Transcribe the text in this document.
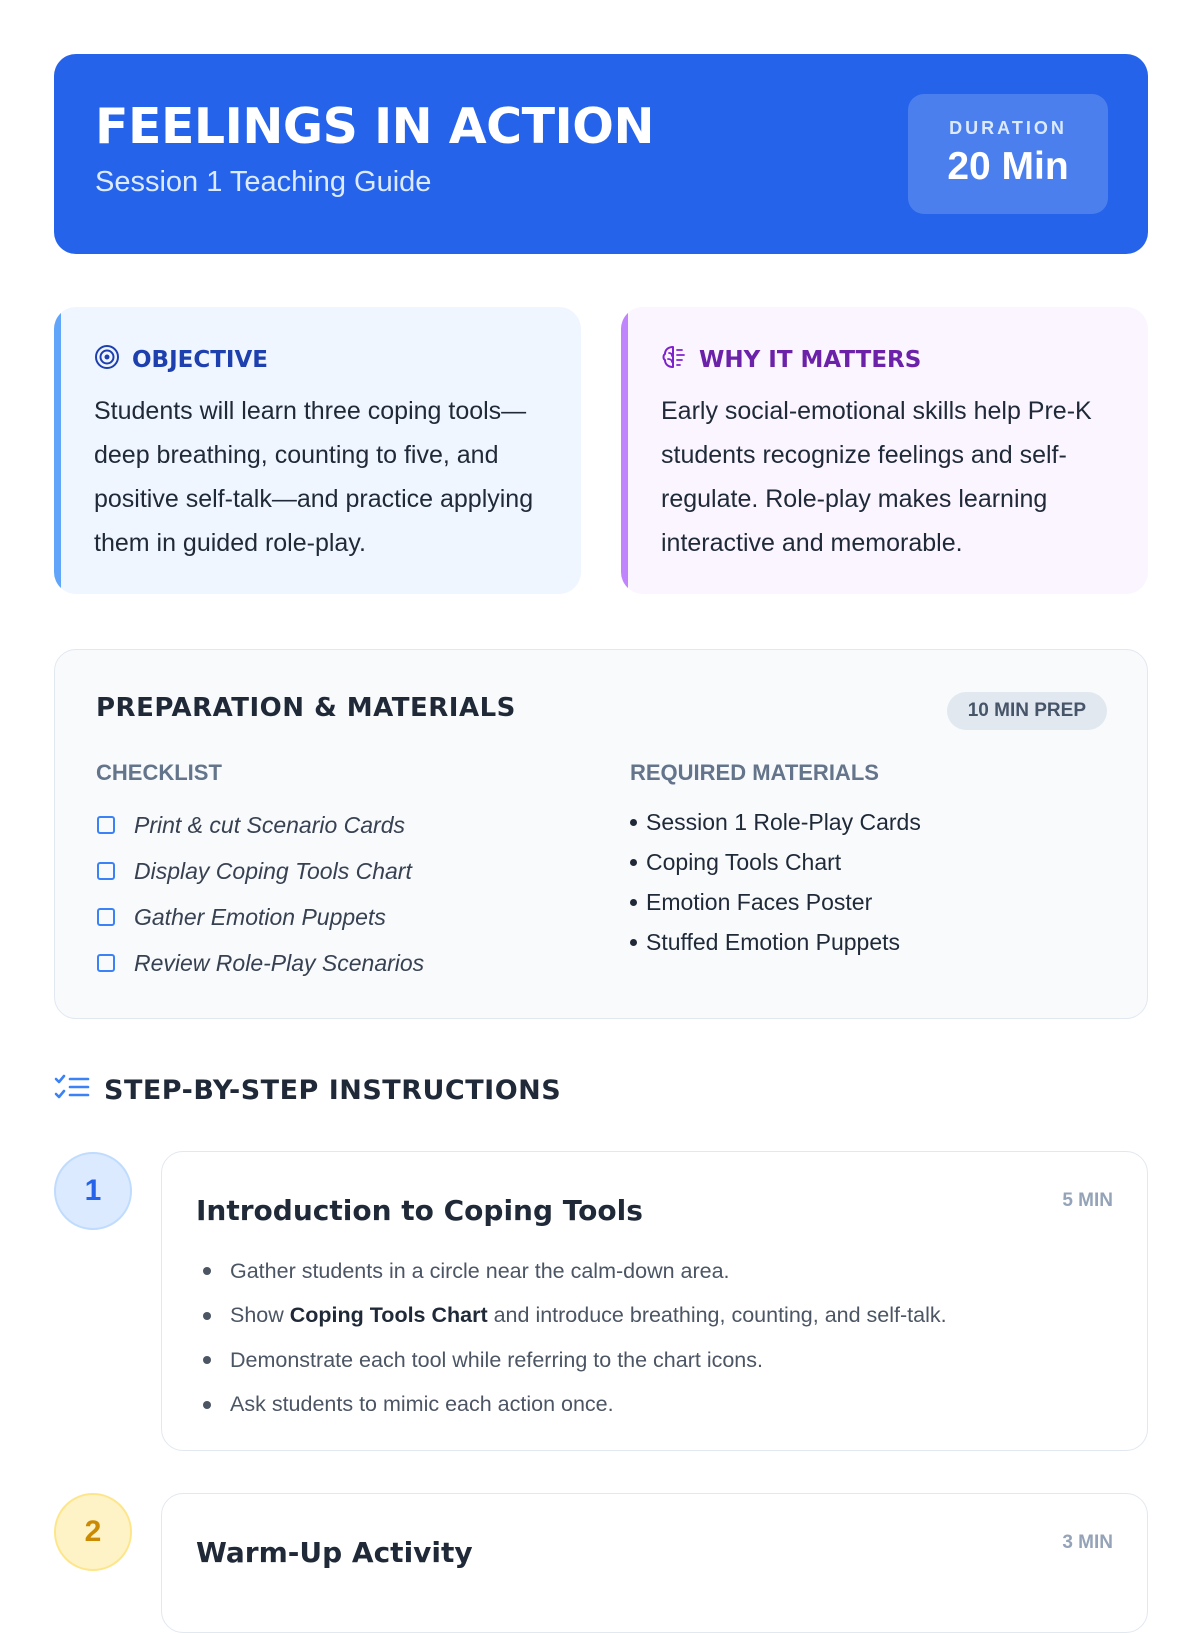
FEELINGS IN ACTION
Session 1 Teaching Guide
DURATION
20 Min
OBJECTIVE
Students will learn three coping tools—deep breathing, counting to five, and positive self-talk—and practice applying them in guided role-play.
WHY IT MATTERS
Early social-emotional skills help Pre-K students recognize feelings and self-regulate. Role-play makes learning interactive and memorable.
PREPARATION & MATERIALS	10 MIN PREP
CHECKLIST
Print & cut Scenario Cards
Display Coping Tools Chart
Gather Emotion Puppets
Review Role-Play Scenarios
REQUIRED MATERIALS
Session 1 Role-Play Cards
Coping Tools Chart
Emotion Faces Poster
Stuffed Emotion Puppets
STEP-BY-STEP INSTRUCTIONS
1
Introduction to Coping Tools	5 MIN
Gather students in a circle near the calm-down area.
Show Coping Tools Chart and introduce breathing, counting, and self-talk.
Demonstrate each tool while referring to the chart icons.
Ask students to mimic each action once.
2
Warm-Up Activity	3 MIN
